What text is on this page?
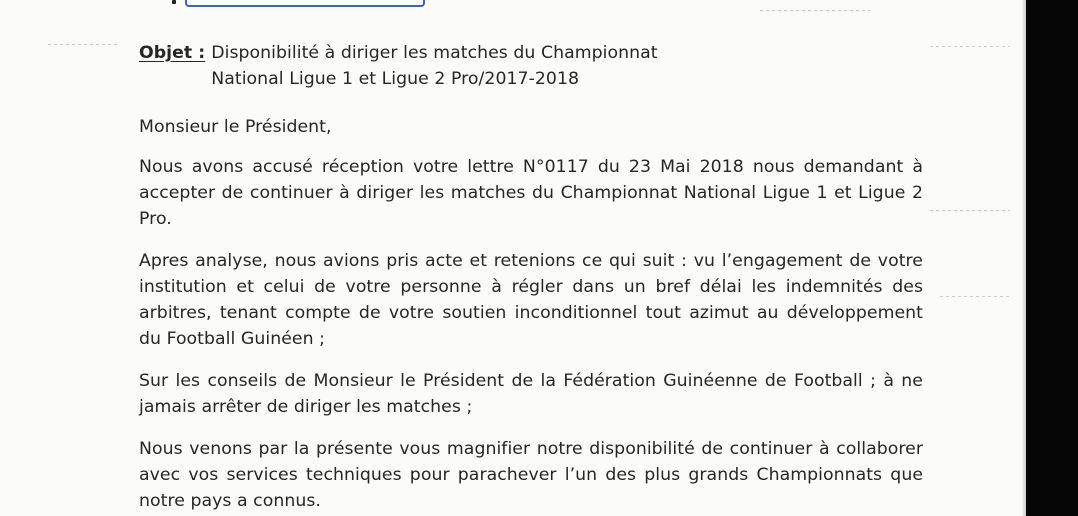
Objet : Disponibilité à diriger les matches du Championnat National Ligue 1 et Ligue 2 Pro/2017-2018

Monsieur le Président,

Nous avons accusé réception votre lettre N°0117 du 23 Mai 2018 nous demandant à accepter de continuer à diriger les matches du Championnat National Ligue 1 et Ligue 2 Pro.

Apres analyse, nous avions pris acte et retenions ce qui suit : vu l’engagement de votre institution et celui de votre personne à régler dans un bref délai les indemnités des arbitres, tenant compte de votre soutien inconditionnel tout azimut au développement du Football Guinéen ;

Sur les conseils de Monsieur le Président de la Fédération Guinéenne de Football ; à ne jamais arrêter de diriger les matches ;

Nous venons par la présente vous magnifier notre disponibilité de continuer à collaborer avec vos services techniques pour parachever l’un des plus grands Championnats que notre pays a connus.
